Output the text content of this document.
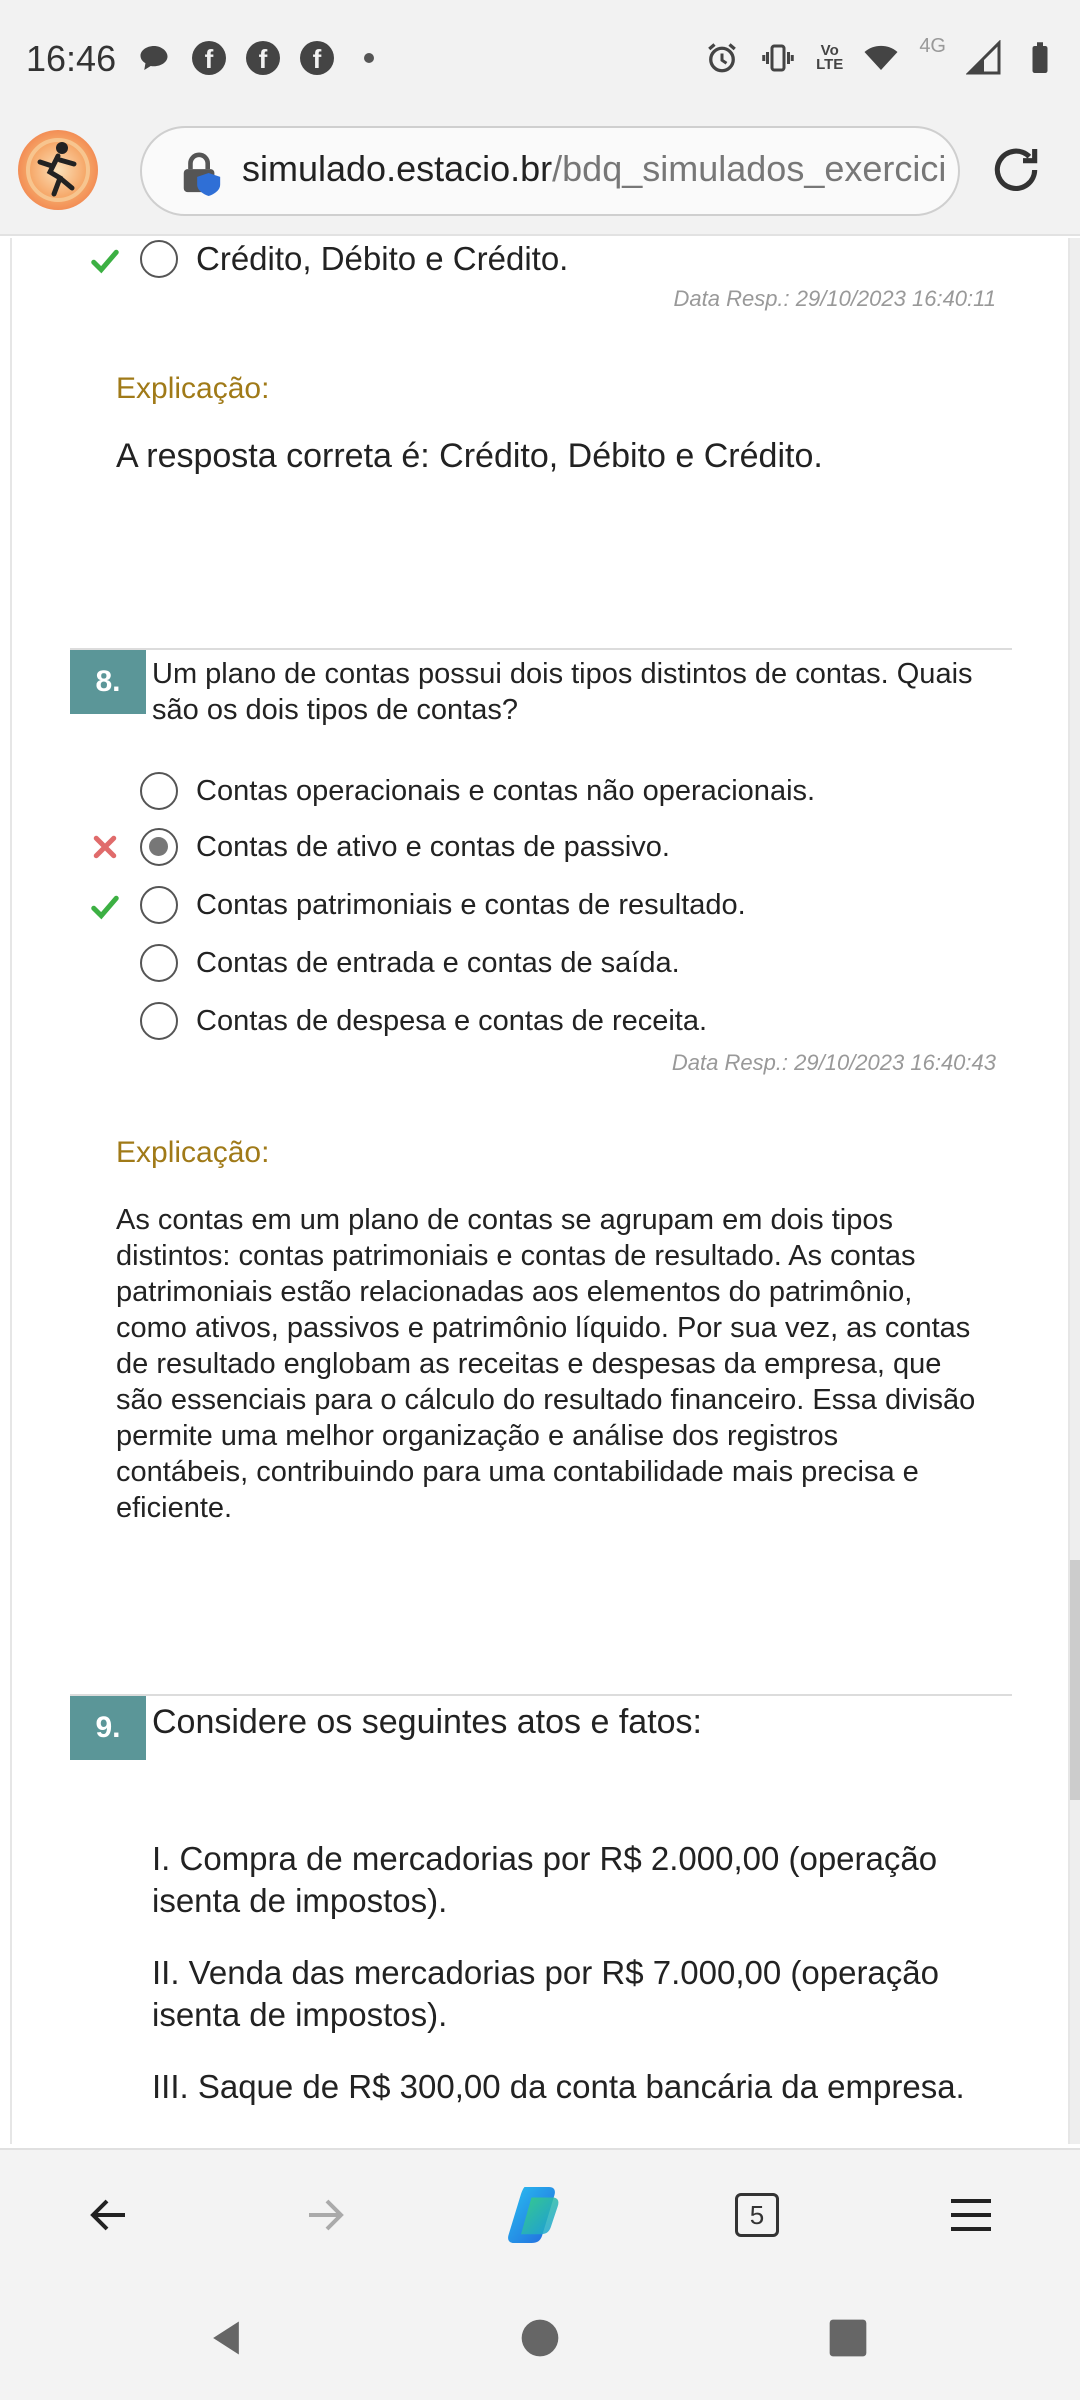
16:46	f	f	f	Vo
LTE
4G
simulado.estacio.br/bdq_simulados_exercici
Crédito, Débito e Crédito.
Data Resp.: 29/10/2023 16:40:11
Explicação:
A resposta correta é: Crédito, Débito e Crédito.
8.	Um plano de contas possui dois tipos distintos de contas. Quais são os dois tipos de contas?
Contas operacionais e contas não operacionais.
Contas de ativo e contas de passivo.
Contas patrimoniais e contas de resultado.
Contas de entrada e contas de saída.
Contas de despesa e contas de receita.
Data Resp.: 29/10/2023 16:40:43
Explicação:
As contas em um plano de contas se agrupam em dois tipos distintos: contas patrimoniais e contas de resultado. As contas patrimoniais estão relacionadas aos elementos do patrimônio, como ativos, passivos e patrimônio líquido. Por sua vez, as contas de resultado englobam as receitas e despesas da empresa, que são essenciais para o cálculo do resultado financeiro. Essa divisão permite uma melhor organização e análise dos registros contábeis, contribuindo para uma contabilidade mais precisa e eficiente.
9. Considere os seguintes atos e fatos:
I. Compra de mercadorias por R$ 2.000,00 (operação isenta de impostos).
II. Venda das mercadorias por R$ 7.000,00 (operação isenta de impostos).
III. Saque de R$ 300,00 da conta bancária da empresa.
5
